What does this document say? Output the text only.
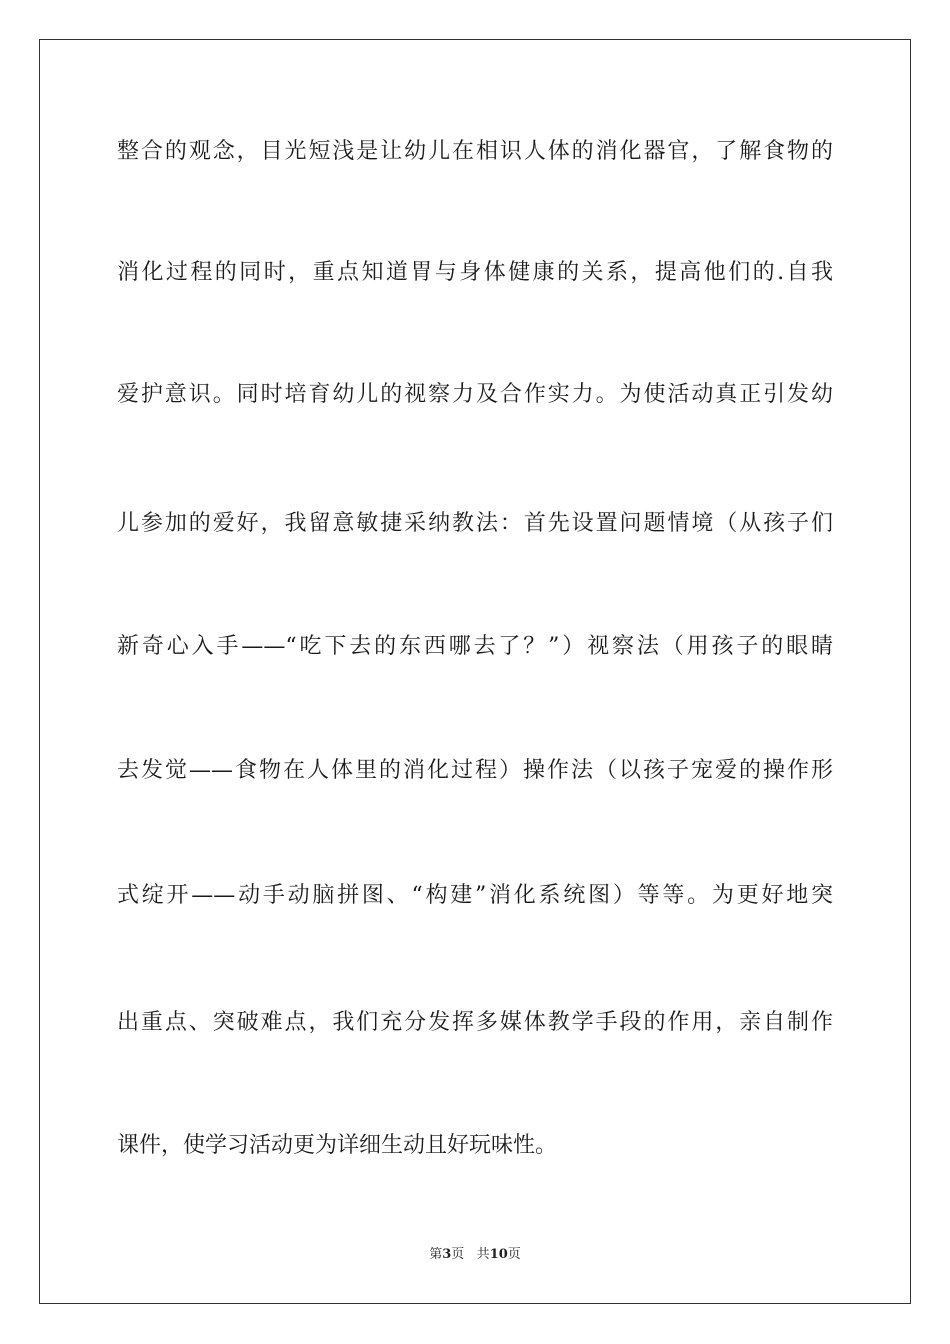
整合的观念，目光短浅是让幼儿在相识人体的消化器官，了解食物的
消化过程的同时，重点知道胃与身体健康的关系，提高他们的.自我
爱护意识。同时培育幼儿的视察力及合作实力。为使活动真正引发幼
儿参加的爱好，我留意敏捷采纳教法：首先设置问题情境（从孩子们
新奇心入手——“吃下去的东西哪去了？”）视察法（用孩子的眼睛
去发觉——食物在人体里的消化过程）操作法（以孩子宠爱的操作形
式绽开——动手动脑拼图、“构建”消化系统图）等等。为更好地突
出重点、突破难点，我们充分发挥多媒体教学手段的作用，亲自制作
课件，使学习活动更为详细生动且好玩味性。
第3页 共10页
